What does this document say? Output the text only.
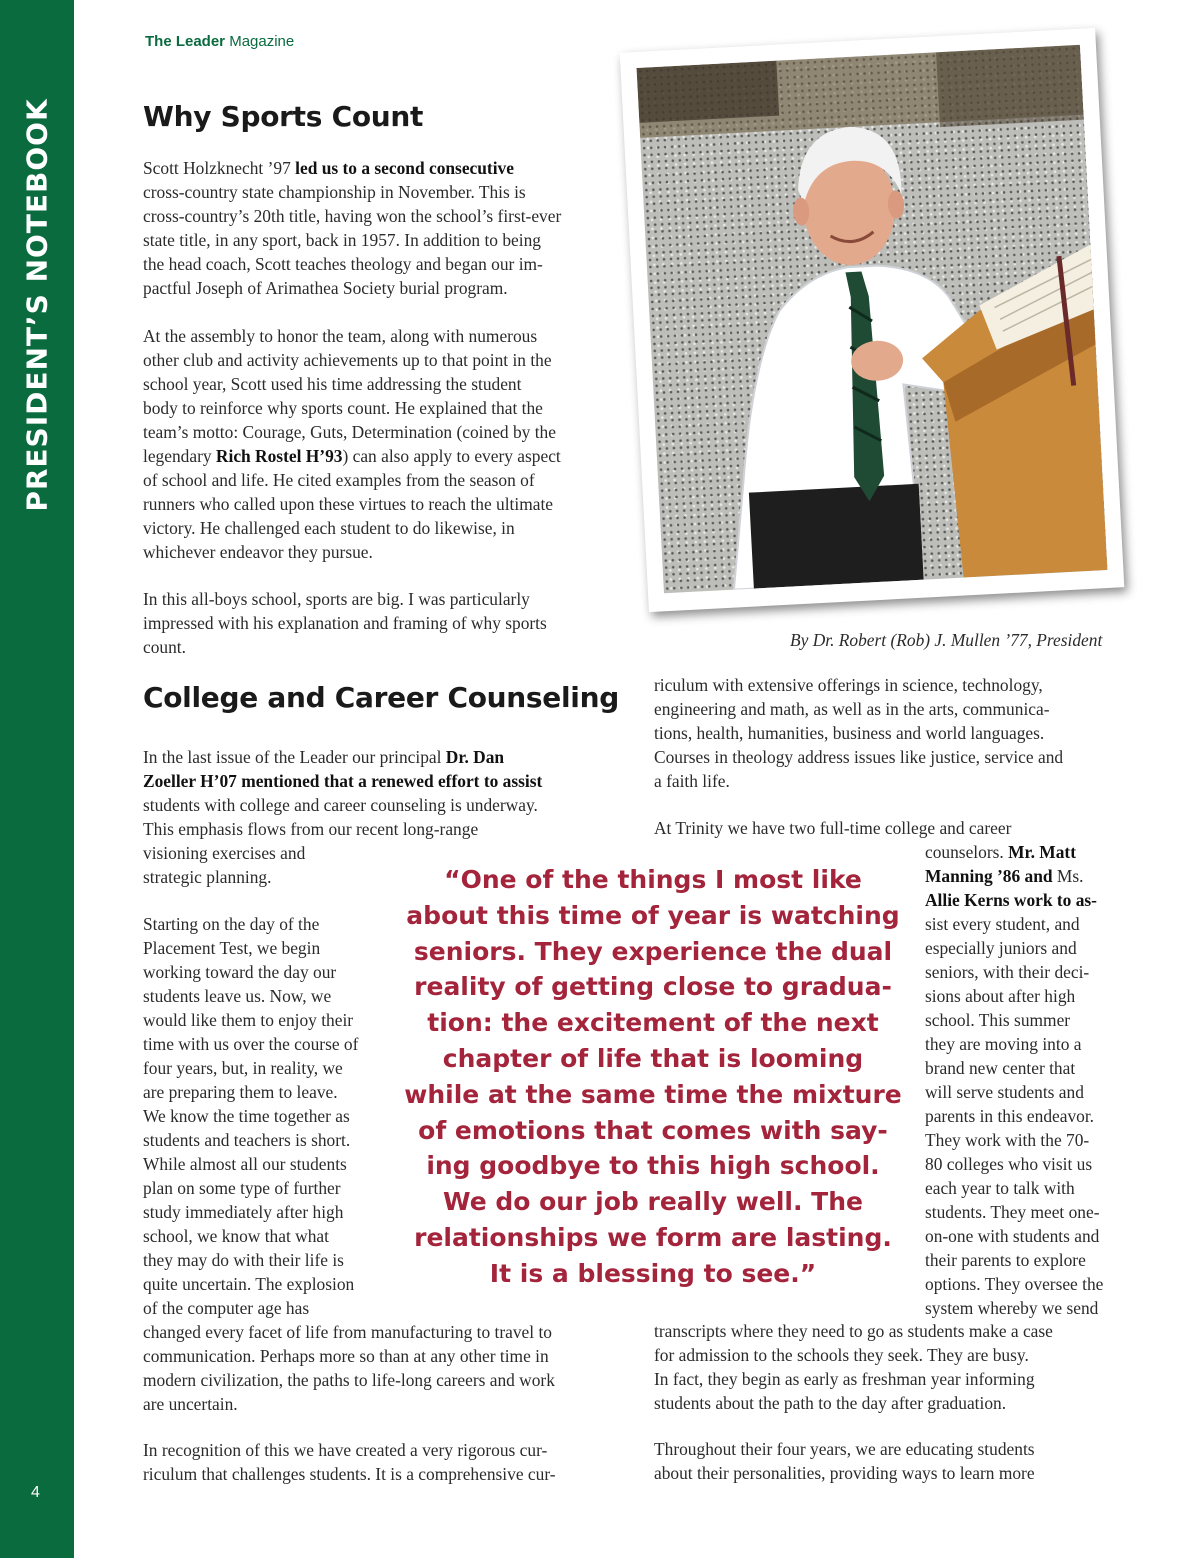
PRESIDENT’S NOTEBOOK
4
The Leader Magazine
Why Sports Count
Scott Holzknecht ’97 led us to a second consecutive
cross-country state championship in November. This is
cross-country’s 20th title, having won the school’s first-ever
state title, in any sport, back in 1957. In addition to being
the head coach, Scott teaches theology and began our im-
pactful Joseph of Arimathea Society burial program.
At the assembly to honor the team, along with numerous
other club and activity achievements up to that point in the
school year, Scott used his time addressing the student
body to reinforce why sports count. He explained that the
team’s motto: Courage, Guts, Determination (coined by the
legendary Rich Rostel H’93) can also apply to every aspect
of school and life. He cited examples from the season of
runners who called upon these virtues to reach the ultimate
victory. He challenged each student to do likewise, in
whichever endeavor they pursue.
In this all-boys school, sports are big. I was particularly
impressed with his explanation and framing of why sports
count.	By Dr. Robert (Rob) J. Mullen ’77, President
College and Career Counseling
In the last issue of the Leader our principal Dr. Dan
Zoeller H’07 mentioned that a renewed effort to assist
students with college and career counseling is underway.
This emphasis flows from our recent long-range
visioning exercises and
strategic planning.
Starting on the day of the
Placement Test, we begin
working toward the day our
students leave us. Now, we
would like them to enjoy their
time with us over the course of
four years, but, in reality, we
are preparing them to leave.
We know the time together as
students and teachers is short.
While almost all our students
plan on some type of further
study immediately after high
school, we know that what
they may do with their life is
quite uncertain. The explosion
of the computer age has
changed every facet of life from manufacturing to travel to
communication. Perhaps more so than at any other time in
modern civilization, the paths to life-long careers and work
are uncertain.
In recognition of this we have created a very rigorous cur-
riculum that challenges students. It is a comprehensive cur-
riculum with extensive offerings in science, technology,
engineering and math, as well as in the arts, communica-
tions, health, humanities, business and world languages.
Courses in theology address issues like justice, service and
a faith life.
At Trinity we have two full-time college and career
counselors. Mr. Matt
Manning ’86 and Ms.
Allie Kerns work to as-
sist every student, and
especially juniors and
seniors, with their deci-
sions about after high
school. This summer
they are moving into a
brand new center that
will serve students and
parents in this endeavor.
They work with the 70-
80 colleges who visit us
each year to talk with
students. They meet one-
on-one with students and
their parents to explore
options. They oversee the
system whereby we send
transcripts where they need to go as students make a case
for admission to the schools they seek. They are busy.
In fact, they begin as early as freshman year informing
students about the path to the day after graduation.
Throughout their four years, we are educating students
about their personalities, providing ways to learn more
“One of the things I most like
about this time of year is watching
seniors. They experience the dual
reality of getting close to gradua-
tion: the excitement of the next
chapter of life that is looming
while at the same time the mixture
of emotions that comes with say-
ing goodbye to this high school.
We do our job really well. The
relationships we form are lasting.
It is a blessing to see.”
